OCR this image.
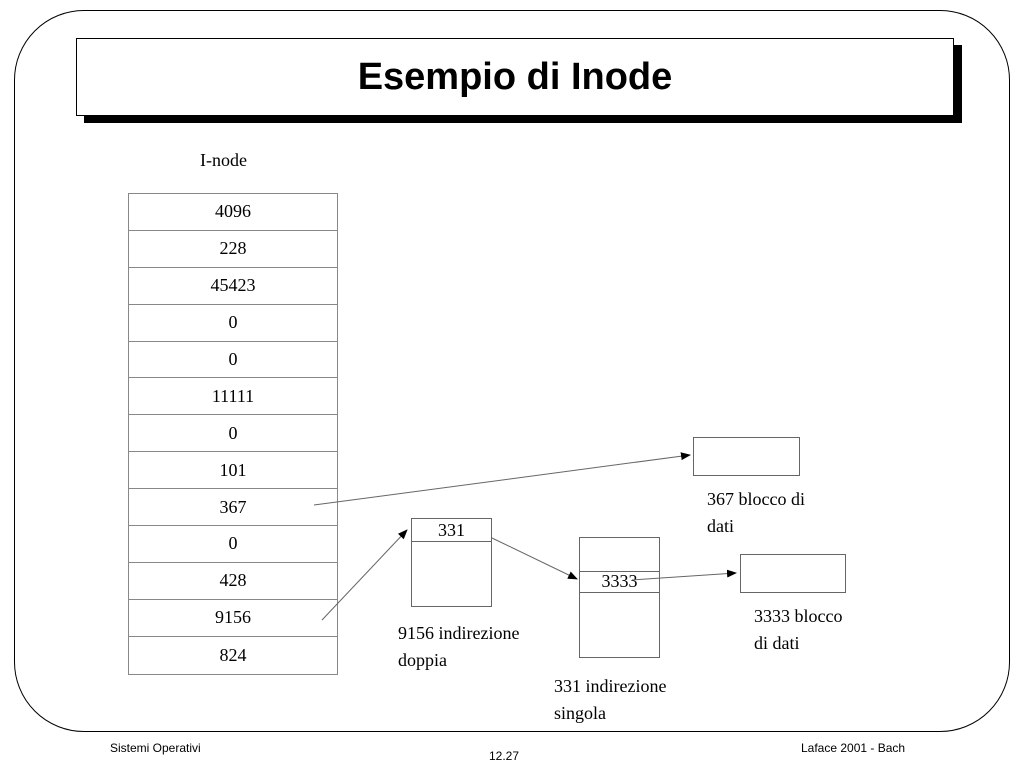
Esempio di Inode
I-node
4096
228
45423
0
0
11111
0
101
367
0
428
9156
824
331
9156 indirezione
doppia
3333
331 indirezione
singola
367 blocco di
dati
3333 blocco
di dati
Sistemi Operativi
12.27
Laface 2001 - Bach
